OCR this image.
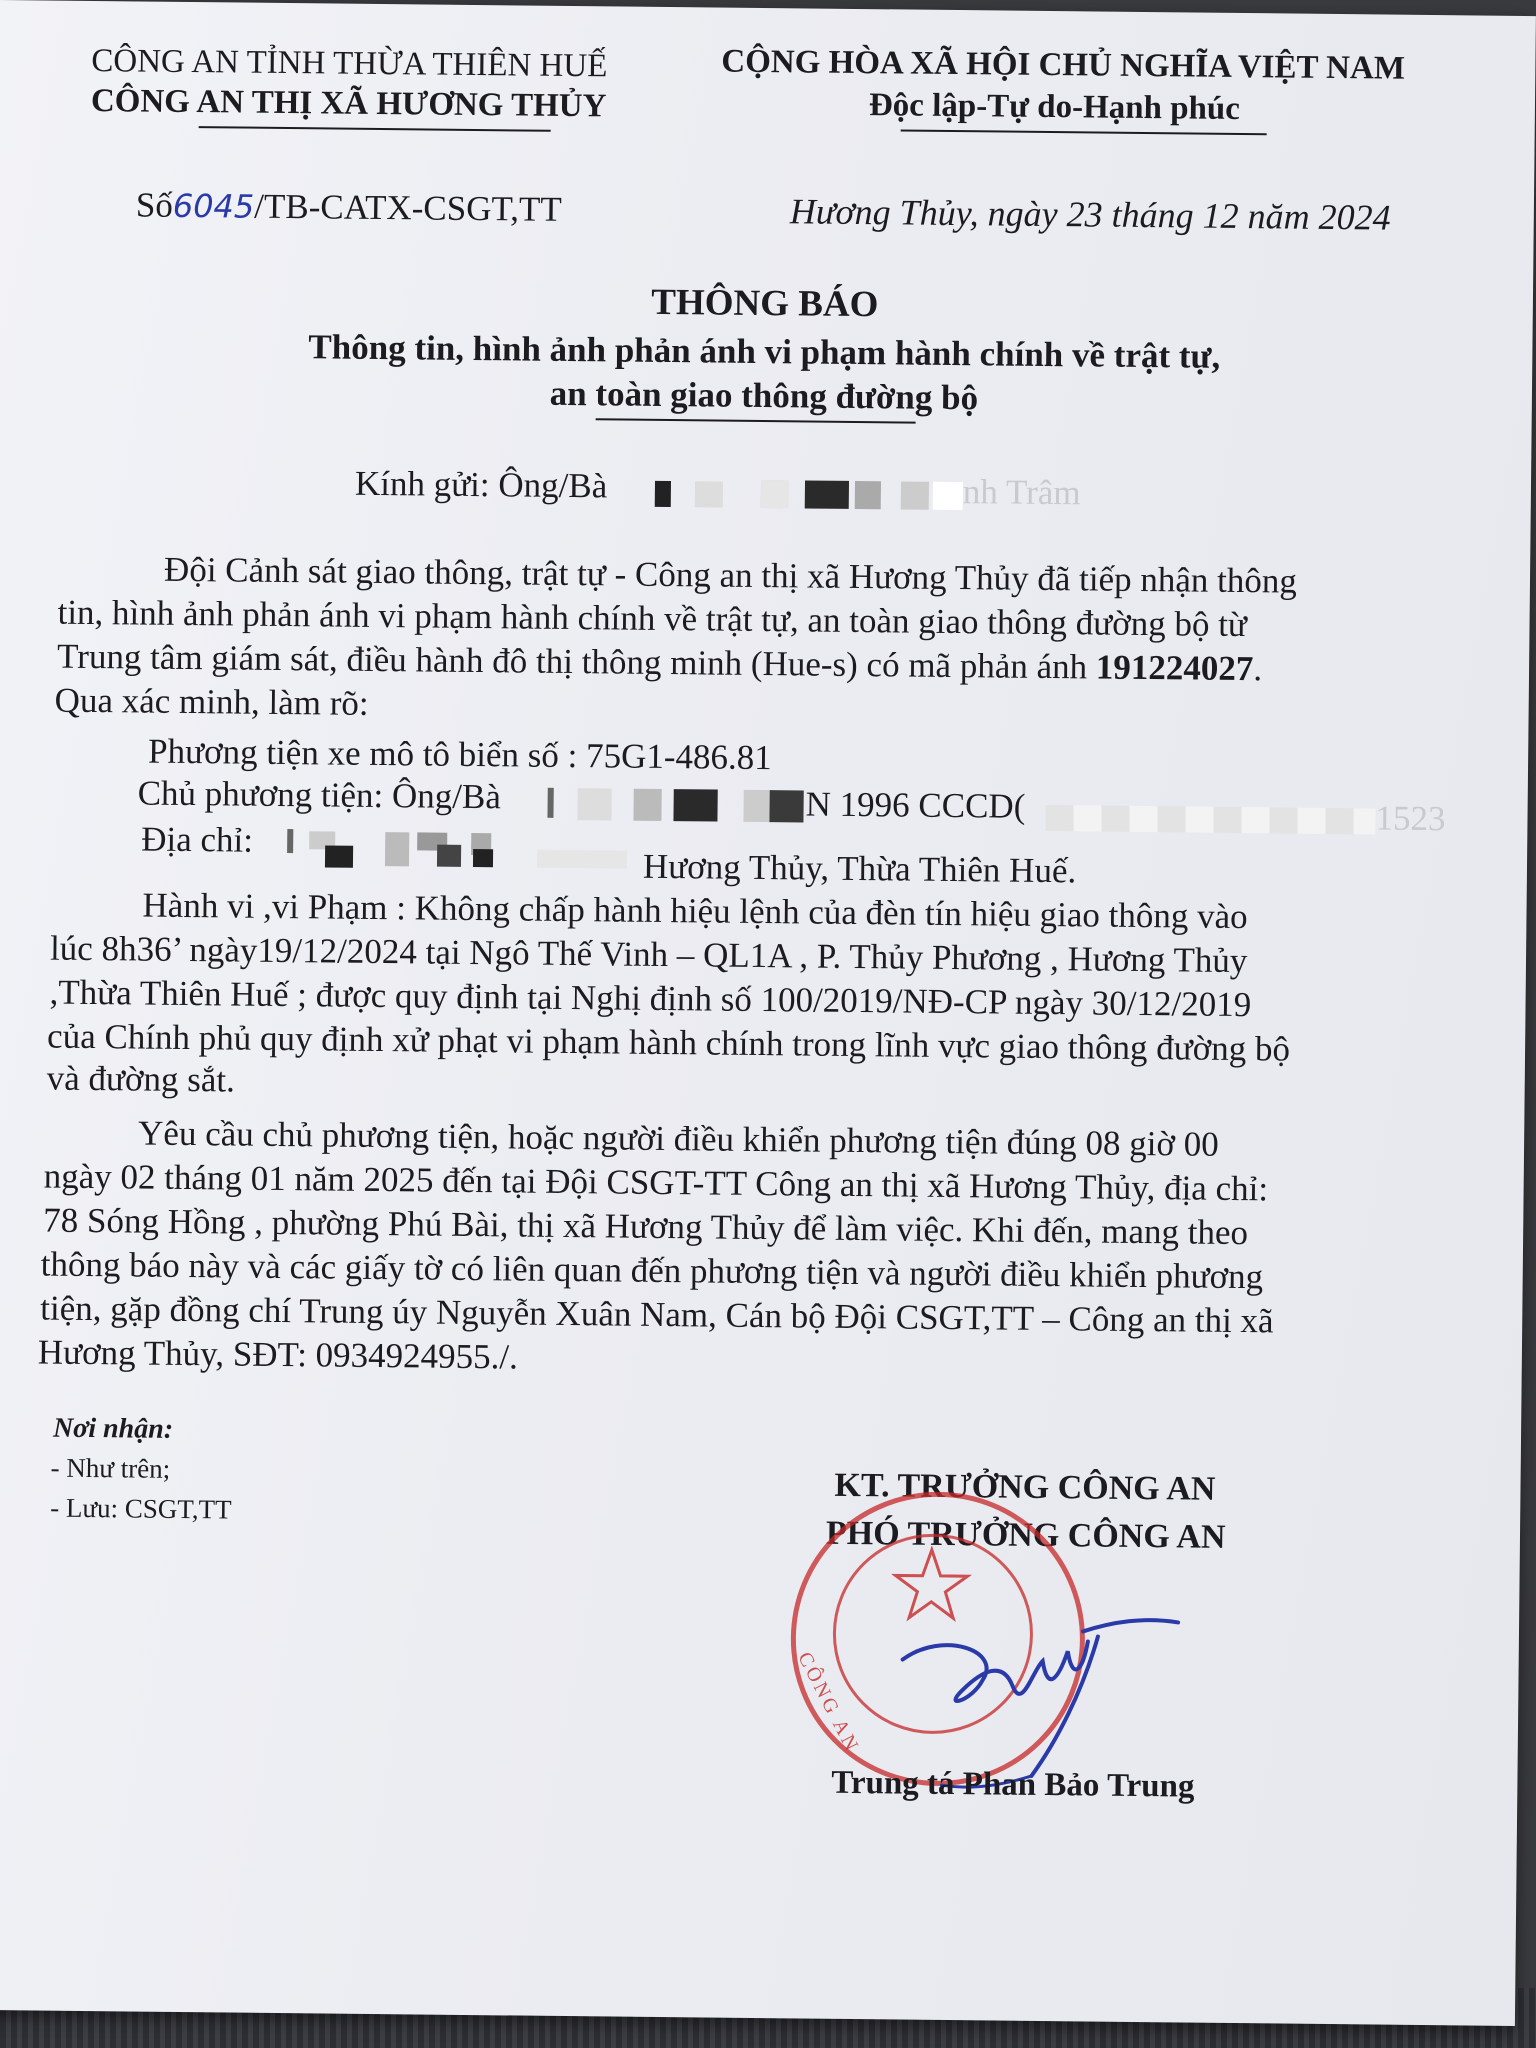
CÔNG AN TỈNH THỪA THIÊN HUẾ
CÔNG AN THỊ XÃ HƯƠNG THỦY
CỘNG HÒA XÃ HỘI CHỦ NGHĨA VIỆT NAM
Độc lập-Tự do-Hạnh phúc
Số6045/TB-CATX-CSGT,TT	Hương Thủy, ngày 23 tháng 12 năm 2024
THÔNG BÁO
Thông tin, hình ảnh phản ánh vi phạm hành chính về trật tự,
an toàn giao thông đường bộ
Kính gửi: Ông/Bà	nh Trâm
Đội Cảnh sát giao thông, trật tự - Công an thị xã Hương Thủy đã tiếp nhận thông
tin, hình ảnh phản ánh vi phạm hành chính về trật tự, an toàn giao thông đường bộ từ
Trung tâm giám sát, điều hành đô thị thông minh (Hue-s) có mã phản ánh 191224027.
Qua xác minh, làm rõ:
Phương tiện xe mô tô biển số : 75G1-486.81
Chủ phương tiện: Ông/Bà	N 1996 CCCD(	1523
Địa chỉ:
Hương Thủy, Thừa Thiên Huế.
Hành vi ,vi Phạm : Không chấp hành hiệu lệnh của đèn tín hiệu giao thông vào
lúc 8h36’ ngày19/12/2024 tại Ngô Thế Vinh – QL1A , P. Thủy Phương , Hương Thủy
,Thừa Thiên Huế ; được quy định tại Nghị định số 100/2019/NĐ-CP ngày 30/12/2019
của Chính phủ quy định xử phạt vi phạm hành chính trong lĩnh vực giao thông đường bộ
và đường sắt.
Yêu cầu chủ phương tiện, hoặc người điều khiển phương tiện đúng 08 giờ 00
ngày 02 tháng 01 năm 2025 đến tại Đội CSGT-TT Công an thị xã Hương Thủy, địa chỉ:
78 Sóng Hồng , phường Phú Bài, thị xã Hương Thủy để làm việc. Khi đến, mang theo
thông báo này và các giấy tờ có liên quan đến phương tiện và người điều khiển phương
tiện, gặp đồng chí Trung úy Nguyễn Xuân Nam, Cán bộ Đội CSGT,TT – Công an thị xã
Hương Thủy, SĐT: 0934924955./.
Nơi nhận:
- Như trên;
- Lưu: CSGT,TT
KT. TRƯỞNG CÔNG AN
PHÓ TRƯỞNG CÔNG AN
CÔNG AN
Trung tá Phan Bảo Trung
